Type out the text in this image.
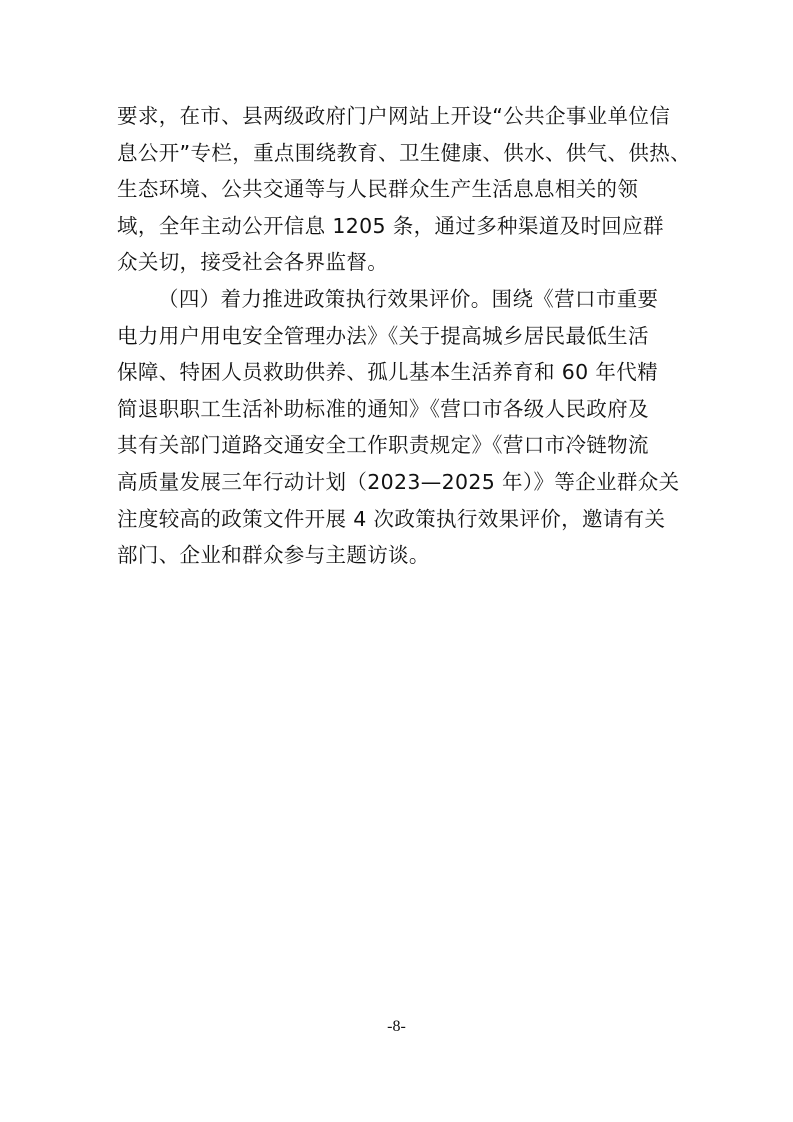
要求，在市、县两级政府门户网站上开设“公共企事业单位信
息公开”专栏，重点围绕教育、卫生健康、供水、供气、供热、
生态环境、公共交通等与人民群众生产生活息息相关的领
域，全年主动公开信息 1205 条，通过多种渠道及时回应群
众关切，接受社会各界监督。
（四）着力推进政策执行效果评价。围绕《营口市重要
电力用户用电安全管理办法》《关于提高城乡居民最低生活
保障、特困人员救助供养、孤儿基本生活养育和 60 年代精
简退职职工生活补助标准的通知》《营口市各级人民政府及
其有关部门道路交通安全工作职责规定》《营口市冷链物流
高质量发展三年行动计划（2023—2025 年）》等企业群众关
注度较高的政策文件开展 4 次政策执行效果评价，邀请有关
部门、企业和群众参与主题访谈。
-8-
